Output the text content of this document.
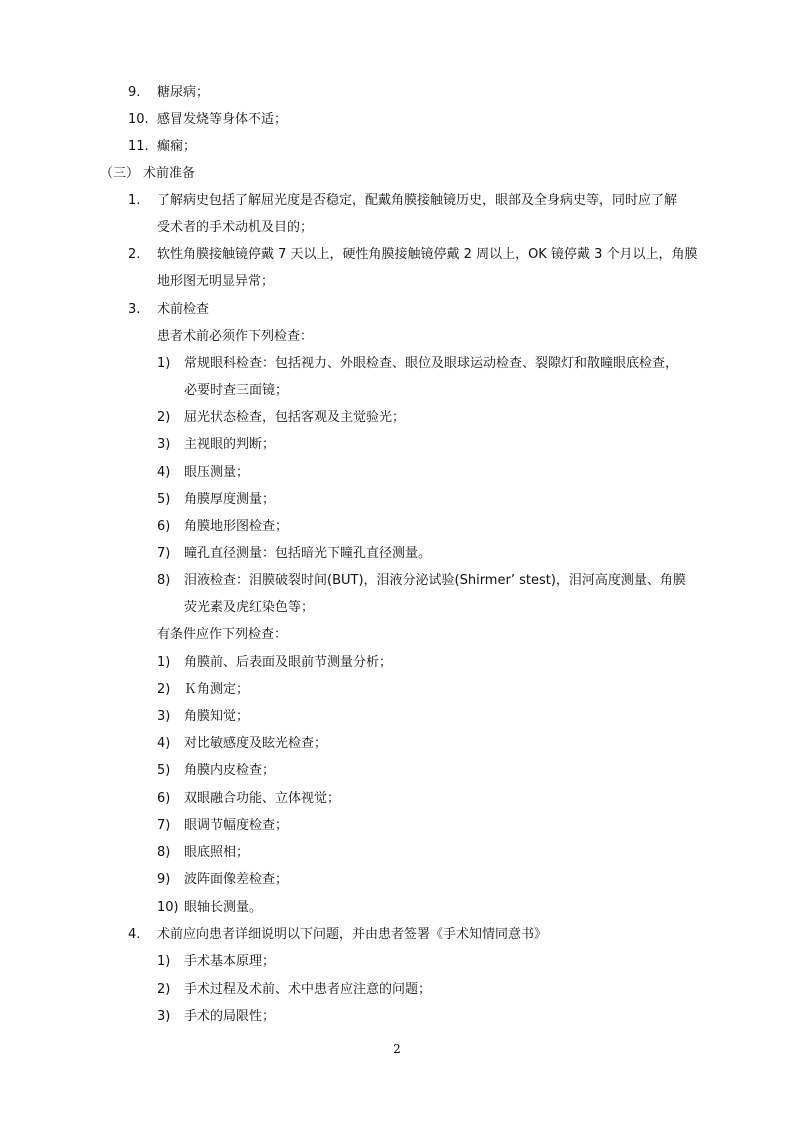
9. 糖尿病；
10. 感冒发烧等身体不适；
11. 癫痫；
（三） 术前准备
1. 了解病史包括了解屈光度是否稳定，配戴角膜接触镜历史，眼部及全身病史等，同时应了解
受术者的手术动机及目的；
2. 软性角膜接触镜停戴 7 天以上，硬性角膜接触镜停戴 2 周以上，OK 镜停戴 3 个月以上，角膜
地形图无明显异常；
3. 术前检查
患者术前必须作下列检查：
1) 常规眼科检查：包括视力、外眼检查、眼位及眼球运动检查、裂隙灯和散瞳眼底检查，
必要时查三面镜；
2) 屈光状态检查，包括客观及主觉验光；
3) 主视眼的判断；
4) 眼压测量；
5) 角膜厚度测量；
6) 角膜地形图检查；
7) 瞳孔直径测量：包括暗光下瞳孔直径测量。
8) 泪液检查：泪膜破裂时间(BUT)，泪液分泌试验(Shirmer’ stest)，泪河高度测量、角膜
荧光素及虎红染色等；
有条件应作下列检查：
1) 角膜前、后表面及眼前节测量分析；
2) Ｋ角测定；
3) 角膜知觉；
4) 对比敏感度及眩光检查；
5) 角膜内皮检查；
6) 双眼融合功能、立体视觉；
7) 眼调节幅度检查；
8) 眼底照相；
9) 波阵面像差检查；
10) 眼轴长测量。
4. 术前应向患者详细说明以下问题，并由患者签署《手术知情同意书》
1) 手术基本原理；
2) 手术过程及术前、术中患者应注意的问题；
3) 手术的局限性；
2
